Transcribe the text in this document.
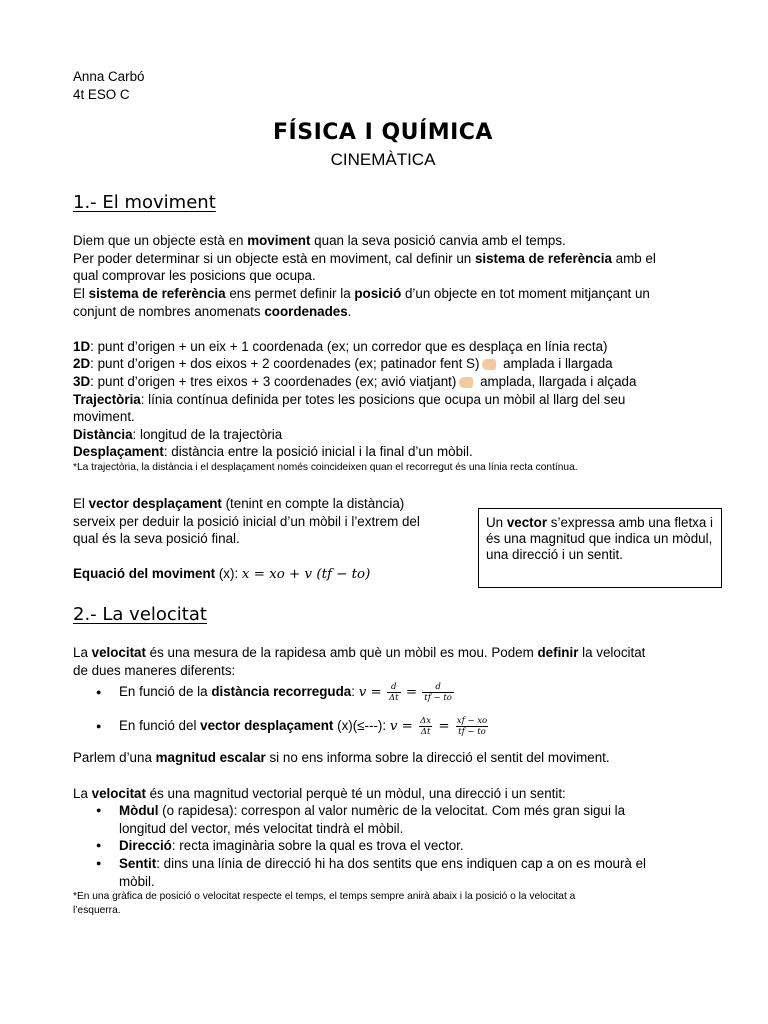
Anna Carbó
4t ESO C
FÍSICA I QUÍMICA
CINEMÀTICA
1.- El moviment
Diem que un objecte està en moviment quan la seva posició canvia amb el temps.
Per poder determinar si un objecte està en moviment, cal definir un sistema de referència amb el
qual comprovar les posicions que ocupa.
El sistema de referència ens permet definir la posició d’un objecte en tot moment mitjançant un
conjunt de nombres anomenats coordenades.
1D: punt d’origen + un eix + 1 coordenada (ex; un corredor que es desplaça en línia recta)
2D: punt d’origen + dos eixos + 2 coordenades (ex; patinador fent S) amplada i llargada
3D: punt d’origen + tres eixos + 3 coordenades (ex; avió viatjant) amplada, llargada i alçada
Trajectòria: línia contínua definida per totes les posicions que ocupa un mòbil al llarg del seu
moviment.
Distància: longitud de la trajectòria
Desplaçament: distància entre la posició inicial i la final d’un mòbil.
*La trajectòria, la distància i el desplaçament només coincideixen quan el recorregut és una línia recta contínua.
El vector desplaçament (tenint en compte la distància)
serveix per deduir la posició inicial d’un mòbil i l’extrem del
qual és la seva posició final.
Equació del moviment (x): x = xo + v (tf − to)
Un vector s’expressa amb una fletxa i és una magnitud que indica un mòdul, una direcció i un sentit.
2.- La velocitat
La velocitat és una mesura de la rapidesa amb què un mòbil es mou. Podem definir la velocitat
de dues maneres diferents:
● En funció de la distància recorreguda: $v = \frac{d}{\Delta t} = \frac{d}{tf - to}$
● En funció del vector desplaçament (x)(≤---): $v = \frac{\Delta x}{\Delta t} = \frac{xf - xo}{tf - to}$
Parlem d’una magnitud escalar si no ens informa sobre la direcció el sentit del moviment.
La velocitat és una magnitud vectorial perquè té un mòdul, una direcció i un sentit:
● Mòdul (o rapidesa): correspon al valor numèric de la velocitat. Com més gran sigui la
longitud del vector, més velocitat tindrà el mòbil.
● Direcció: recta imaginària sobre la qual es trova el vector.
● Sentit: dins una línia de direcció hi ha dos sentits que ens indiquen cap a on es mourà el
mòbil.
*En una gràfica de posició o velocitat respecte el temps, el temps sempre anirà abaix i la posició o la velocitat a
l’esquerra.
